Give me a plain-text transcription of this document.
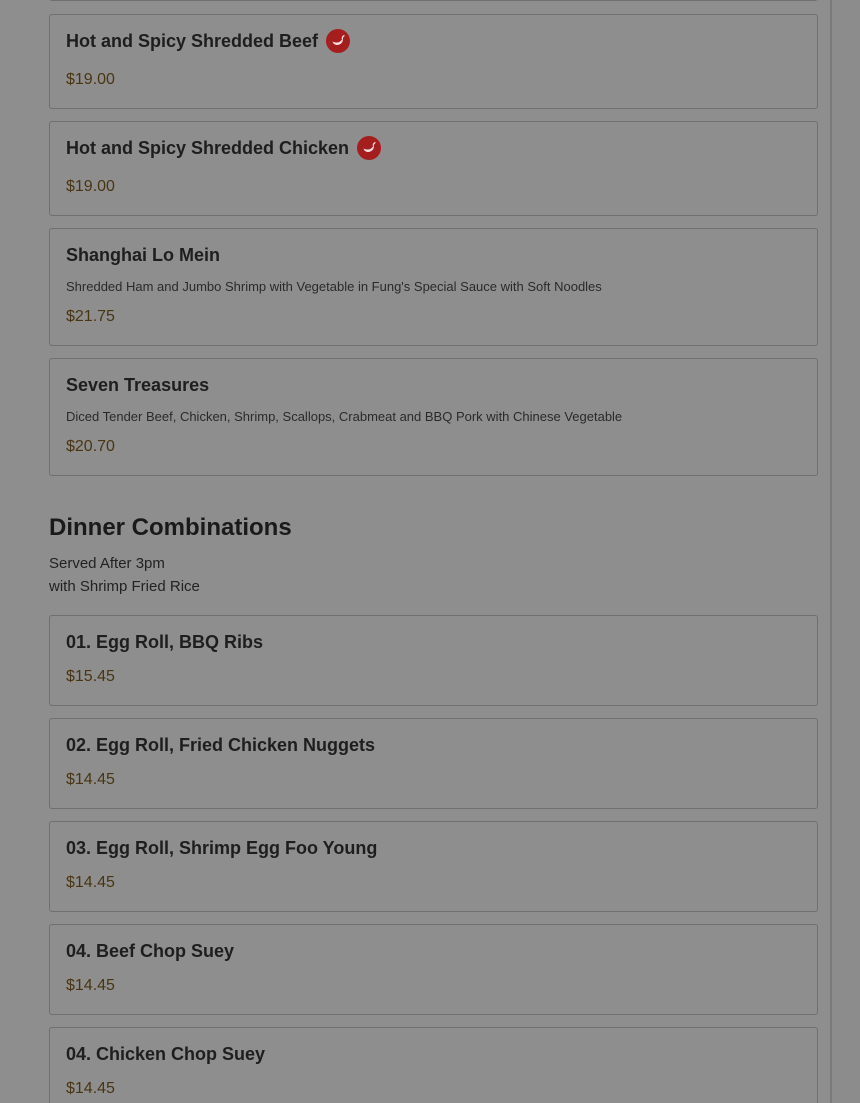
Hot and Spicy Shredded Beef
$19.00
Hot and Spicy Shredded Chicken
$19.00
Shanghai Lo Mein
Shredded Ham and Jumbo Shrimp with Vegetable in Fung's Special Sauce with Soft Noodles
$21.75
Seven Treasures
Diced Tender Beef, Chicken, Shrimp, Scallops, Crabmeat and BBQ Pork with Chinese Vegetable
$20.70
Dinner Combinations
Served After 3pm
with Shrimp Fried Rice
01. Egg Roll, BBQ Ribs
$15.45
02. Egg Roll, Fried Chicken Nuggets
$14.45
03. Egg Roll, Shrimp Egg Foo Young
$14.45
04. Beef Chop Suey
$14.45
04. Chicken Chop Suey
$14.45
